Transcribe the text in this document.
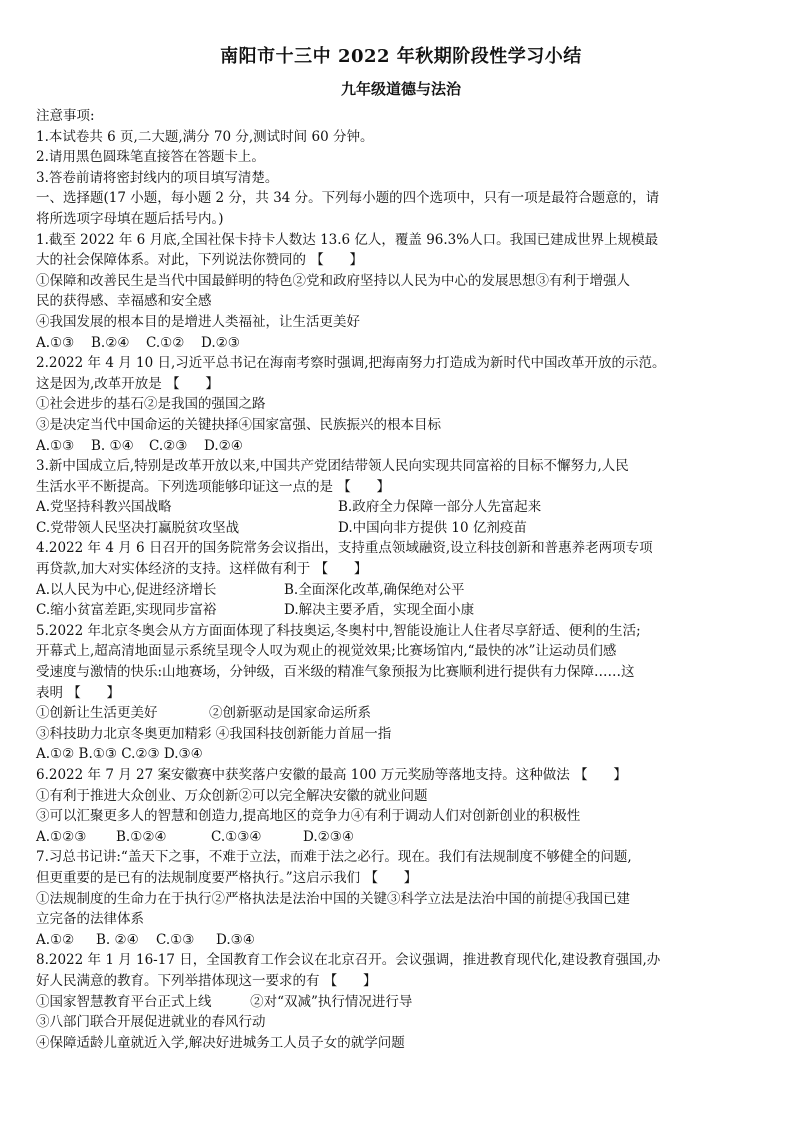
南阳市十三中 2022 年秋期阶段性学习小结
九年级道德与法治

注意事项:

1.本试卷共 6 页,二大题,满分 70 分,测试时间 60 分钟。

2.请用黑色圆珠笔直接答在答题卡上。

3.答卷前请将密封线内的项目填写清楚。

一、选择题(17 小题，每小题 2 分，共 34 分。下列每小题的四个选项中，只有一项是最符合题意的，请

将所选项字母填在题后括号内。)

1.截至 2022 年 6 月底,全国社保卡持卡人数达 13.6 亿人，覆盖 96.3%人口。我国已建成世界上规模最

大的社会保障体系。对此，下列说法你赞同的 【      】

①保障和改善民生是当代中国最鲜明的特色②党和政府坚持以人民为中心的发展思想③有利于增强人

民的获得感、幸福感和安全感

④我国发展的根本目的是增进人类福祉，让生活更美好

A.①③	B.②④	C.①②	D.②③

2.2022 年 4 月 10 日,习近平总书记在海南考察时强调,把海南努力打造成为新时代中国改革开放的示范。

这是因为,改革开放是 【      】

①社会进步的基石②是我国的强国之路

③是决定当代中国命运的关键抉择④国家富强、民族振兴的根本目标

A.①③	B. ①④	C.②③	D.②④

3.新中国成立后,特别是改革开放以来,中国共产党团结带领人民向实现共同富裕的目标不懈努力,人民

生活水平不断提高。下列选项能够印证这一点的是 【      】

A.党坚持科教兴国战略	B.政府全力保障一部分人先富起来
C.党带领人民坚决打赢脱贫攻坚战	D.中国向非方提供 10 亿剂疫苗

4.2022 年 4 月 6 日召开的国务院常务会议指出，支持重点领域融资,设立科技创新和普惠养老两项专项

再贷款,加大对实体经济的支持。这样做有利于 【      】

A.以人民为中心,促进经济增长	B.全面深化改革,确保绝对公平
C.缩小贫富差距,实现同步富裕	D.解决主要矛盾，实现全面小康

5.2022 年北京冬奥会从方方面面体现了科技奥运,冬奥村中,智能设施让人住者尽享舒适、便利的生活;

开幕式上,超高清地面显示系统呈现令人叹为观止的视觉效果;比赛场馆内,“最快的冰”让运动员们感

受速度与激情的快乐:山地赛场，分钟级，百米级的精准气象预报为比赛顺利进行提供有力保障……这

表明 【      】

①创新让生活更美好            ②创新驱动是国家命运所系

③科技助力北京冬奥更加精彩 ④我国科技创新能力首屈一指

A.①② B.①③ C.②③ D.③④

6.2022 年 7 月 27 案安徽赛中获奖落户安徽的最高 100 万元奖励等落地支持。这种做法 【      】

①有利于推进大众创业、万众创新②可以完全解决安徽的就业问题

③可以汇聚更多人的智慧和创造力,提高地区的竞争力④有利于调动人们对创新创业的积极性

A.①②③	B.①②④	C.①③④	D.②③④

7.习总书记讲:“盖天下之事，不难于立法，而难于法之必行。现在。我们有法规制度不够健全的问题,

但更重要的是已有的法规制度要严格执行。”这启示我们 【      】

①法规制度的生命力在于执行②严格执法是法治中国的关键③科学立法是法治中国的前提④我国已建

立完备的法律体系

A.①②	B. ②④	C.①③	D.③④

8.2022 年 1 月 16-17 日，全国教育工作会议在北京召开。会议强调，推进教育现代化,建设教育强国,办

好人民满意的教育。下列举措体现这一要求的有 【      】

①国家智慧教育平台正式上线         ②对“双减”执行情况进行导

③八部门联合开展促进就业的春风行动

④保障适龄儿童就近入学,解决好进城务工人员子女的就学问题
